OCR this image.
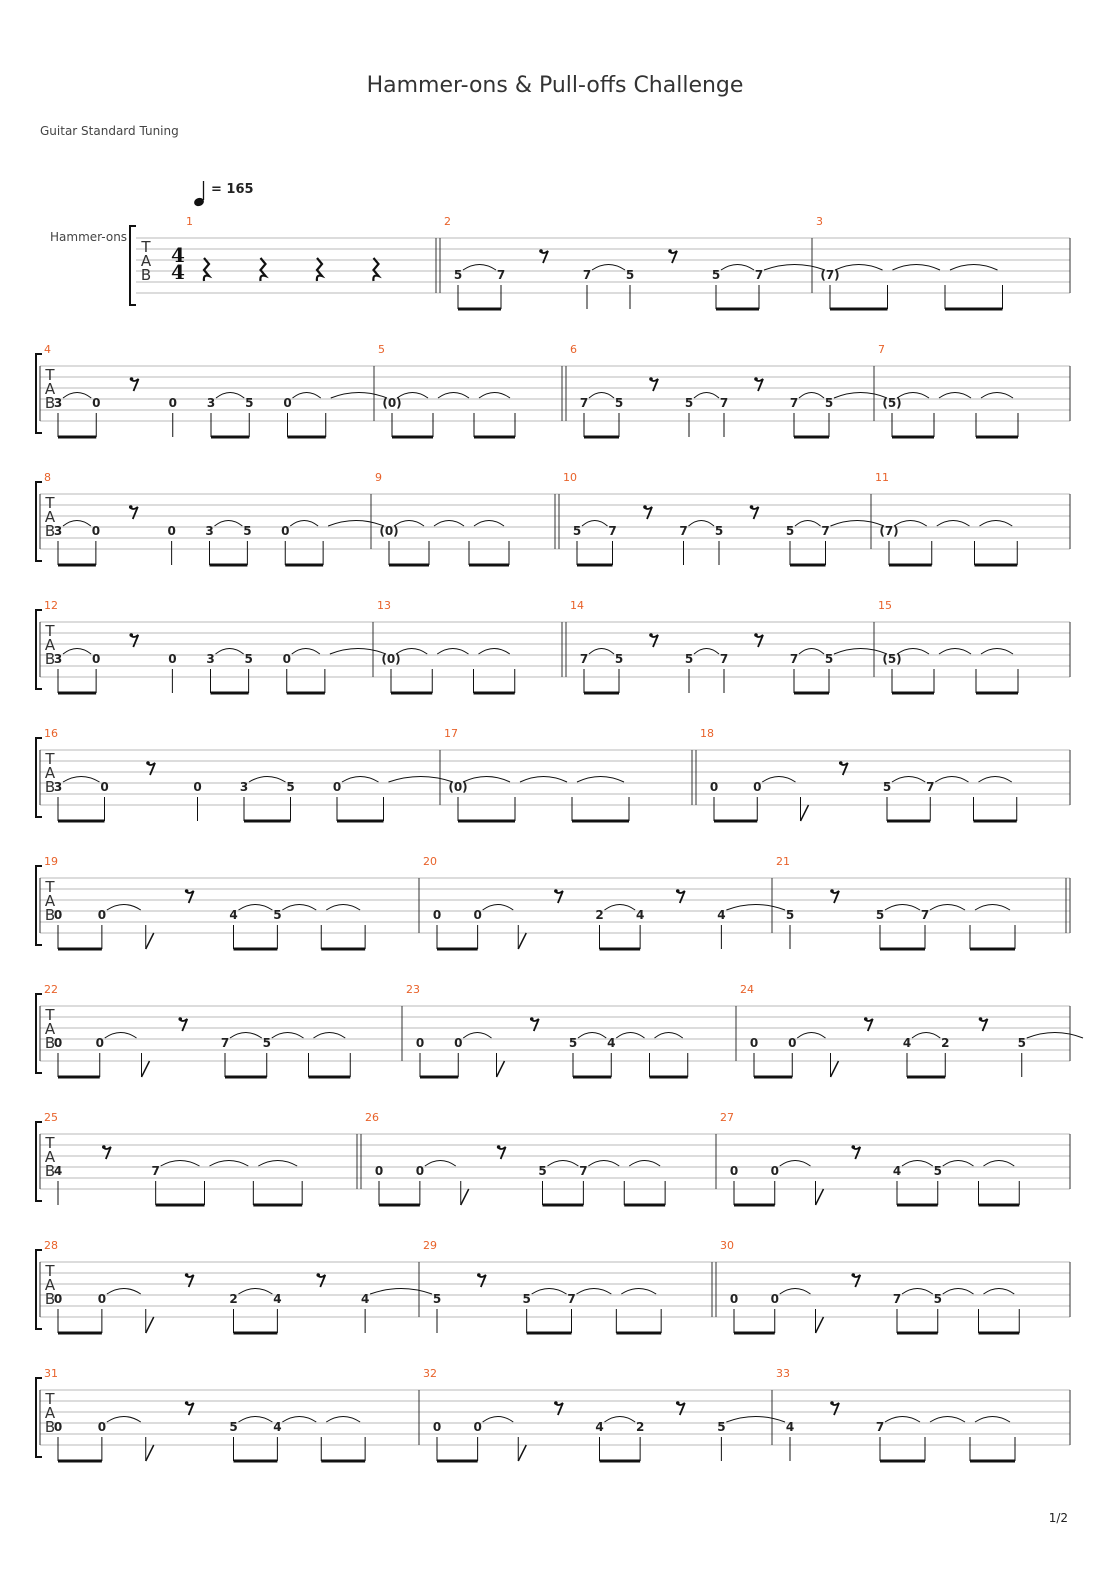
Hammer-ons & Pull-offs Challenge
Guitar Standard Tuning
= 165
Hammer-ons
T
A
B
4
4
1	2
5	7	7	5	5	7
3
(7)
T
A
B
4
3 0	0 3 5 0
5
(0)
6
7 5	5 7	7 5
7
(5)
T
A
B
8
3 0	0 3 5 0
9
(0)
10
5 7	7 5	5 7
11
(7)
T
A
B
12
3 0	0 3 5 0
13
(0)
14
7 5	5 7	7 5
15
(5)
T
A
B
16
3	0	0	3	5	0
17
(0)
18
0	0	5	7
T
A
B
19
0	0	4	5
20
0	0	2	4	4
21
5	5	7
T
A
B
22
0	0	7	5
23
0 0	5 4
24
0 0	4 2	5
T
A
B
25
4	7
26
0	0	5	7
27
0	0	4	5
T
A
B
28
0	0	2	4	4
29
5	5	7
30
0	0	7	5
T
A
B
31
0	0	5	4
32
0	0	4	2	5
33
4	7
1/2
